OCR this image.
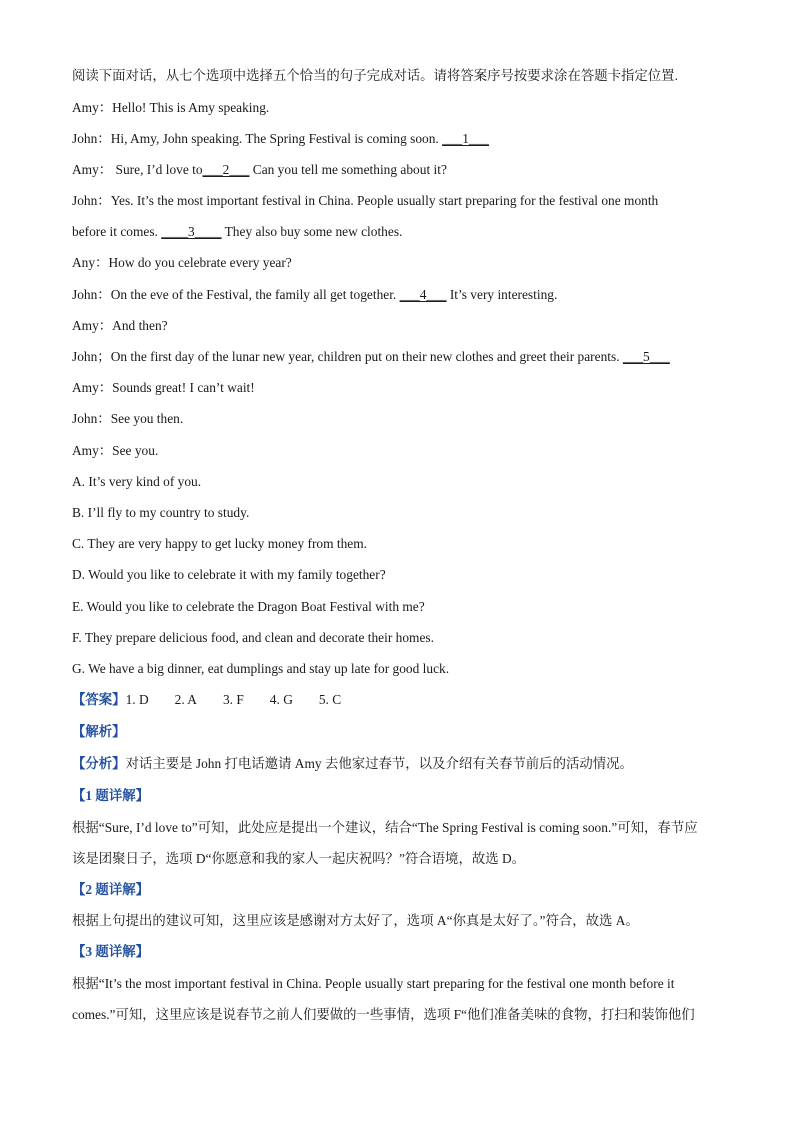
阅读下面对话，从七个选项中选择五个恰当的句子完成对话。请将答案序号按要求涂在答题卡指定位置.
Amy：Hello! This is Amy speaking.
John：Hi, Amy, John speaking. The Spring Festival is coming soon. ___1___
Amy： Sure, I’d love to___2___ Can you tell me something about it?
John：Yes. It’s the most important festival in China. People usually start preparing for the festival one month
before it comes. ____3____ They also buy some new clothes.
Any：How do you celebrate every year?
John：On the eve of the Festival, the family all get together. ___4___ It’s very interesting.
Amy：And then?
John；On the first day of the lunar new year, children put on their new clothes and greet their parents. ___5___
Amy：Sounds great! I can’t wait!
John：See you then.
Amy：See you.
A. It’s very kind of you.
B. I’ll fly to my country to study.
C. They are very happy to get lucky money from them.
D. Would you like to celebrate it with my family together?
E. Would you like to celebrate the Dragon Boat Festival with me?
F. They prepare delicious food, and clean and decorate their homes.
G. We have a big dinner, eat dumplings and stay up late for good luck.
【答案】1. D 2. A 3. F 4. G 5. C
【解析】
【分析】对话主要是 John 打电话邀请 Amy 去他家过春节，以及介绍有关春节前后的活动情况。
【1 题详解】
根据“Sure, I’d love to”可知，此处应是提出一个建议，结合“The Spring Festival is coming soon.”可知，春节应
该是团聚日子，选项 D“你愿意和我的家人一起庆祝吗？”符合语境，故选 D。
【2 题详解】
根据上句提出的建议可知，这里应该是感谢对方太好了，选项 A“你真是太好了。”符合，故选 A。
【3 题详解】
根据“It’s the most important festival in China. People usually start preparing for the festival one month before it
comes.”可知，这里应该是说春节之前人们要做的一些事情，选项 F“他们准备美味的食物，打扫和装饰他们
